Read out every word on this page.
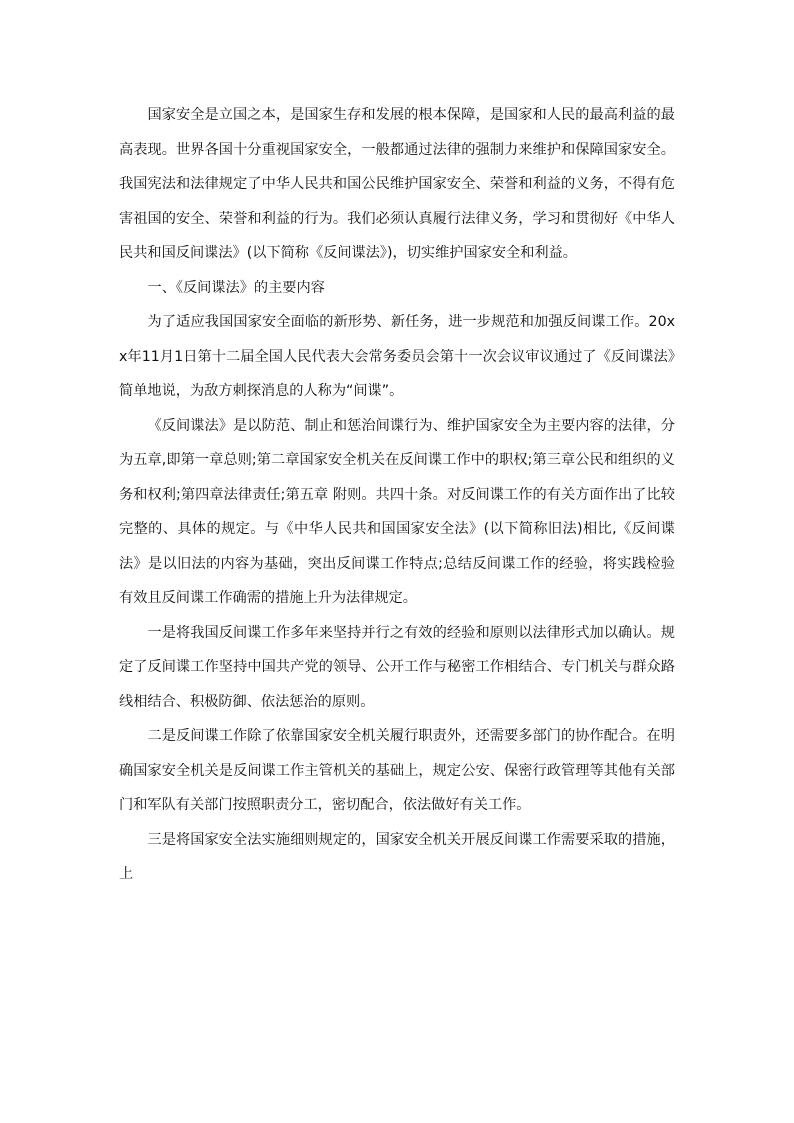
国家安全是立国之本，是国家生存和发展的根本保障，是国家和人民的最高利益的最高表现。世界各国十分重视国家安全，一般都通过法律的强制力来维护和保障国家安全。我国宪法和法律规定了中华人民共和国公民维护国家安全、荣誉和利益的义务，不得有危害祖国的安全、荣誉和利益的行为。我们必须认真履行法律义务，学习和贯彻好《中华人民共和国反间谍法》(以下简称《反间谍法》)，切实维护国家安全和利益。

一、《反间谍法》的主要内容

为了适应我国国家安全面临的新形势、新任务，进一步规范和加强反间谍工作。20xx年11月1日第十二届全国人民代表大会常务委员会第十一次会议审议通过了《反间谍法》简单地说，为敌方刺探消息的人称为“间谍”。

《反间谍法》是以防范、制止和惩治间谍行为、维护国家安全为主要内容的法律，分为五章,即第一章总则;第二章国家安全机关在反间谍工作中的职权;第三章公民和组织的义务和权利;第四章法律责任;第五章 附则。共四十条。对反间谍工作的有关方面作出了比较完整的、具体的规定。与《中华人民共和国国家安全法》(以下简称旧法)相比,《反间谍法》是以旧法的内容为基础，突出反间谍工作特点;总结反间谍工作的经验，将实践检验有效且反间谍工作确需的措施上升为法律规定。

一是将我国反间谍工作多年来坚持并行之有效的经验和原则以法律形式加以确认。规定了反间谍工作坚持中国共产党的领导、公开工作与秘密工作相结合、专门机关与群众路线相结合、积极防御、依法惩治的原则。

二是反间谍工作除了依靠国家安全机关履行职责外，还需要多部门的协作配合。在明确国家安全机关是反间谍工作主管机关的基础上，规定公安、保密行政管理等其他有关部门和军队有关部门按照职责分工，密切配合，依法做好有关工作。

三是将国家安全法实施细则规定的，国家安全机关开展反间谍工作需要采取的措施，上
